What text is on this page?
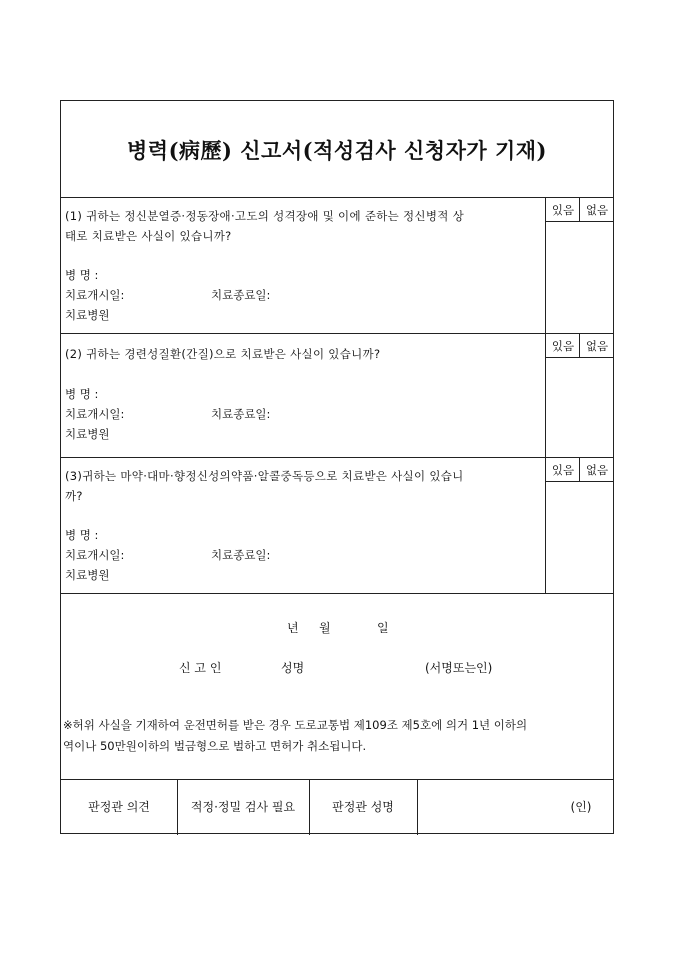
병력(病歷) 신고서(적성검사 신청자가 기재)
있음	없음
(1) 귀하는 정신분열증·정동장애·고도의 성격장애 및 이에 준하는 정신병적 상
태로 치료받은 사실이 있습니까?
병 명 :
치료개시일:	치료종료일:
치료병원
있음	없음
(2) 귀하는 경련성질환(간질)으로 치료받은 사실이 있습니까?
병 명 :
치료개시일:	치료종료일:
치료병원
있음	없음
(3)귀하는 마약·대마·향정신성의약품·알콜중독등으로 치료받은 사실이 있습니
까?
병 명 :
치료개시일:	치료종료일:
치료병원
년 월	일
신 고 인	성명	(서명또는인)
※허위 사실을 기재하여 운전면허를 받은 경우 도로교통법 제109조 제5호에 의거 1년 이하의
역이나 50만원이하의 벌금형으로 벌하고 면허가 취소됩니다.
판정관 의견	적정·정밀 검사 필요	판정관 성명	(인)
